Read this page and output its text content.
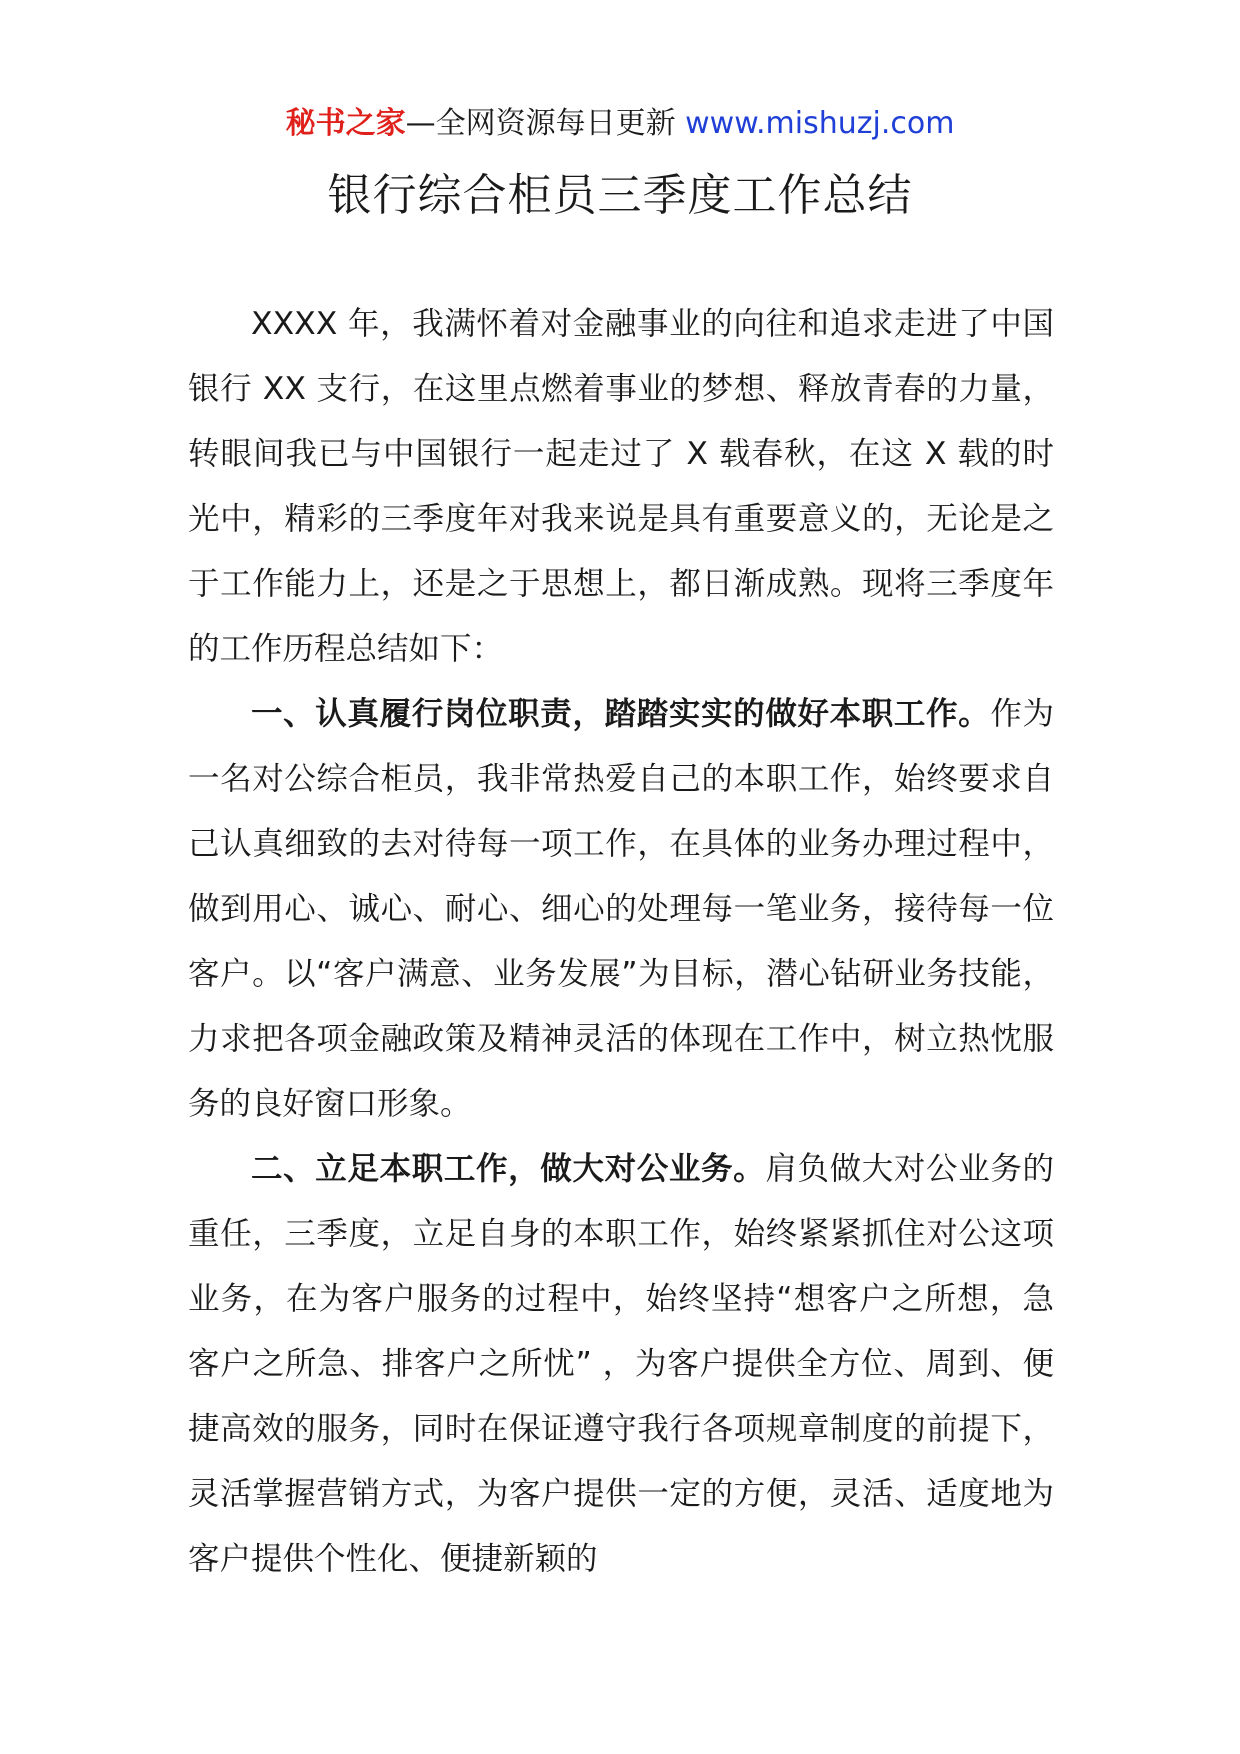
秘书之家—全网资源每日更新 www.mishuzj.com
银行综合柜员三季度工作总结

XXXX 年，我满怀着对金融事业的向往和追求走进了中国银行 XX 支行，在这里点燃着事业的梦想、释放青春的力量，转眼间我已与中国银行一起走过了 X 载春秋，在这 X 载的时光中，精彩的三季度年对我来说是具有重要意义的，无论是之于工作能力上，还是之于思想上，都日渐成熟。现将三季度年的工作历程总结如下：

一、认真履行岗位职责，踏踏实实的做好本职工作。作为一名对公综合柜员，我非常热爱自己的本职工作，始终要求自己认真细致的去对待每一项工作，在具体的业务办理过程中，做到用心、诚心、耐心、细心的处理每一笔业务，接待每一位客户。以“客户满意、业务发展”为目标，潜心钻研业务技能，力求把各项金融政策及精神灵活的体现在工作中，树立热忱服务的良好窗口形象。

二、立足本职工作，做大对公业务。肩负做大对公业务的重任，三季度，立足自身的本职工作，始终紧紧抓住对公这项业务，在为客户服务的过程中，始终坚持“想客户之所想，急客户之所急、排客户之所忧” ，为客户提供全方位、周到、便捷高效的服务，同时在保证遵守我行各项规章制度的前提下，灵活掌握营销方式，为客户提供一定的方便，灵活、适度地为客户提供个性化、便捷新颖的
